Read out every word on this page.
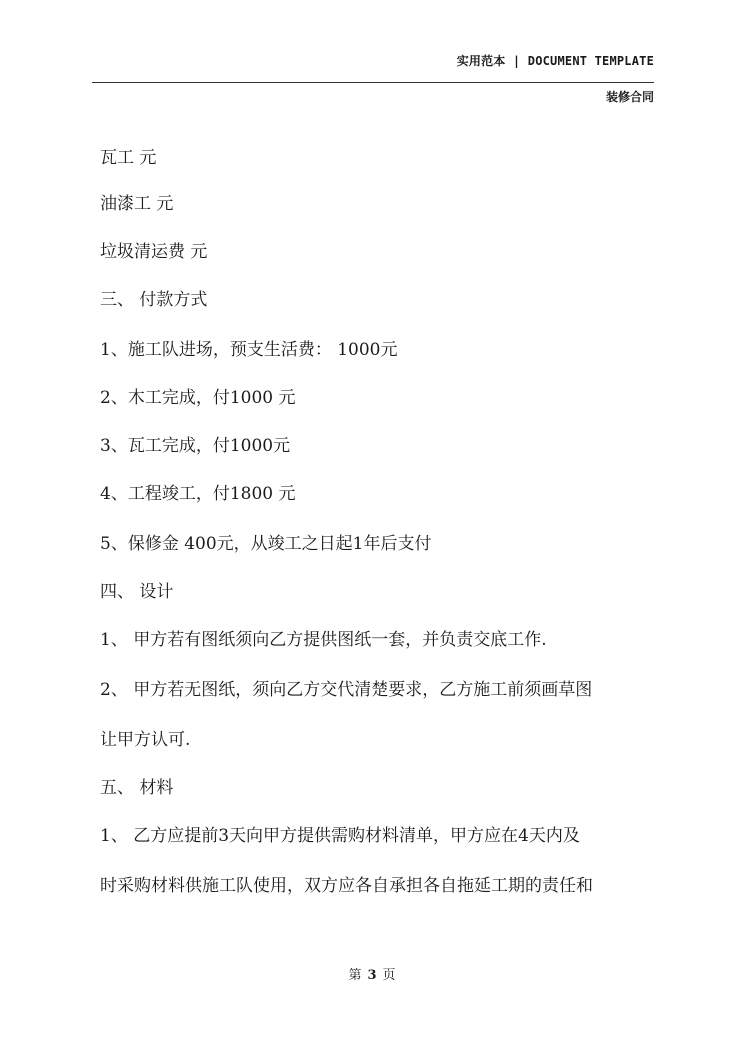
实用范本 | DOCUMENT TEMPLATE
装修合同
瓦工 元
油漆工 元
垃圾清运费 元
三、 付款方式
1、施工队进场，预支生活费： 1000元
2、木工完成，付1000 元
3、瓦工完成，付1000元
4、工程竣工，付1800 元
5、保修金 400元，从竣工之日起1年后支付
四、 设计
1、 甲方若有图纸须向乙方提供图纸一套，并负责交底工作.
2、 甲方若无图纸，须向乙方交代清楚要求，乙方施工前须画草图
让甲方认可.
五、 材料
1、 乙方应提前3天向甲方提供需购材料清单，甲方应在4天内及
时采购材料供施工队使用，双方应各自承担各自拖延工期的责任和
第 3 页
